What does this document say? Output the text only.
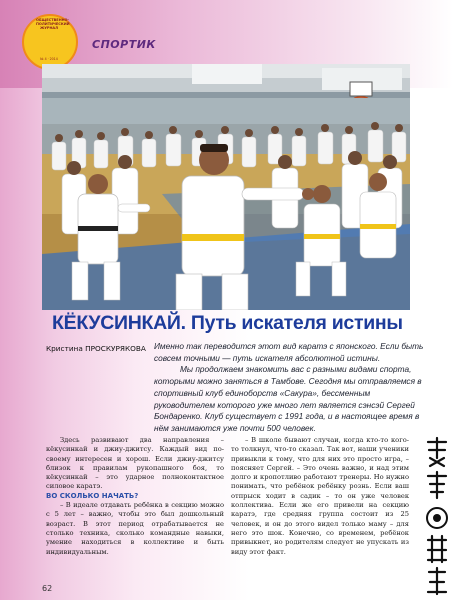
ОБЩЕСТВЕННО-ПОЛИТИЧЕСКИЙ ЖУРНАЛ
№ 4 · 2014
СПОРТИК
КЁКУСИНКАЙ. Путь искателя истины
Кристина ПРОСКУРЯКОВА Именно так переводится этот вид каратэ с японского. Если быть совсем точными — путь искателя абсолютной истины.

Мы продолжаем знакомить вас с разными видами спорта, которыми можно заняться в Тамбове. Сегодня мы отправляемся в спортивный клуб единоборств «Сакура», бессменным руководителем которого уже много лет является сэнсэй Сергей Бондаренко. Клуб существует с 1991 года, и в настоящее время в нём занимаются уже почти 500 человек.

Здесь развивают два направления – кёкусинкай и джиу-джитсу. Каждый вид по-своему интересен и хорош. Если джиу-джитсу близок к правилам рукопашного боя, то кёкусинкай – это ударное полноконтактное силовое каратэ.

ВО СКОЛЬКО НАЧАТЬ?

– В идеале отдавать ребёнка в секцию можно с 5 лет – важно, чтобы это был дошкольный возраст. В этот период отрабатывается не столько техника, сколько командные навыки, умение находиться в коллективе и быть индивидуальным.

– В школе бывают случаи, когда кто-то кого-то толкнул, что-то сказал. Так вот, наши ученики привыкли к тому, что для них это просто игра, – поясняет Сергей. – Это очень важно, и над этим долго и кропотливо работают тренеры. Но нужно понимать, что ребёнок ребёнку рознь. Если ваш отпрыск ходит в садик – то он уже человек коллектива. Если же его привели на секцию каратэ, где средняя группа состоит из 25 человек, и он до этого видел только маму – для него это шок. Конечно, со временем, ребёнок привыкнет, но родителям следует не упускать из виду этот факт.

62
